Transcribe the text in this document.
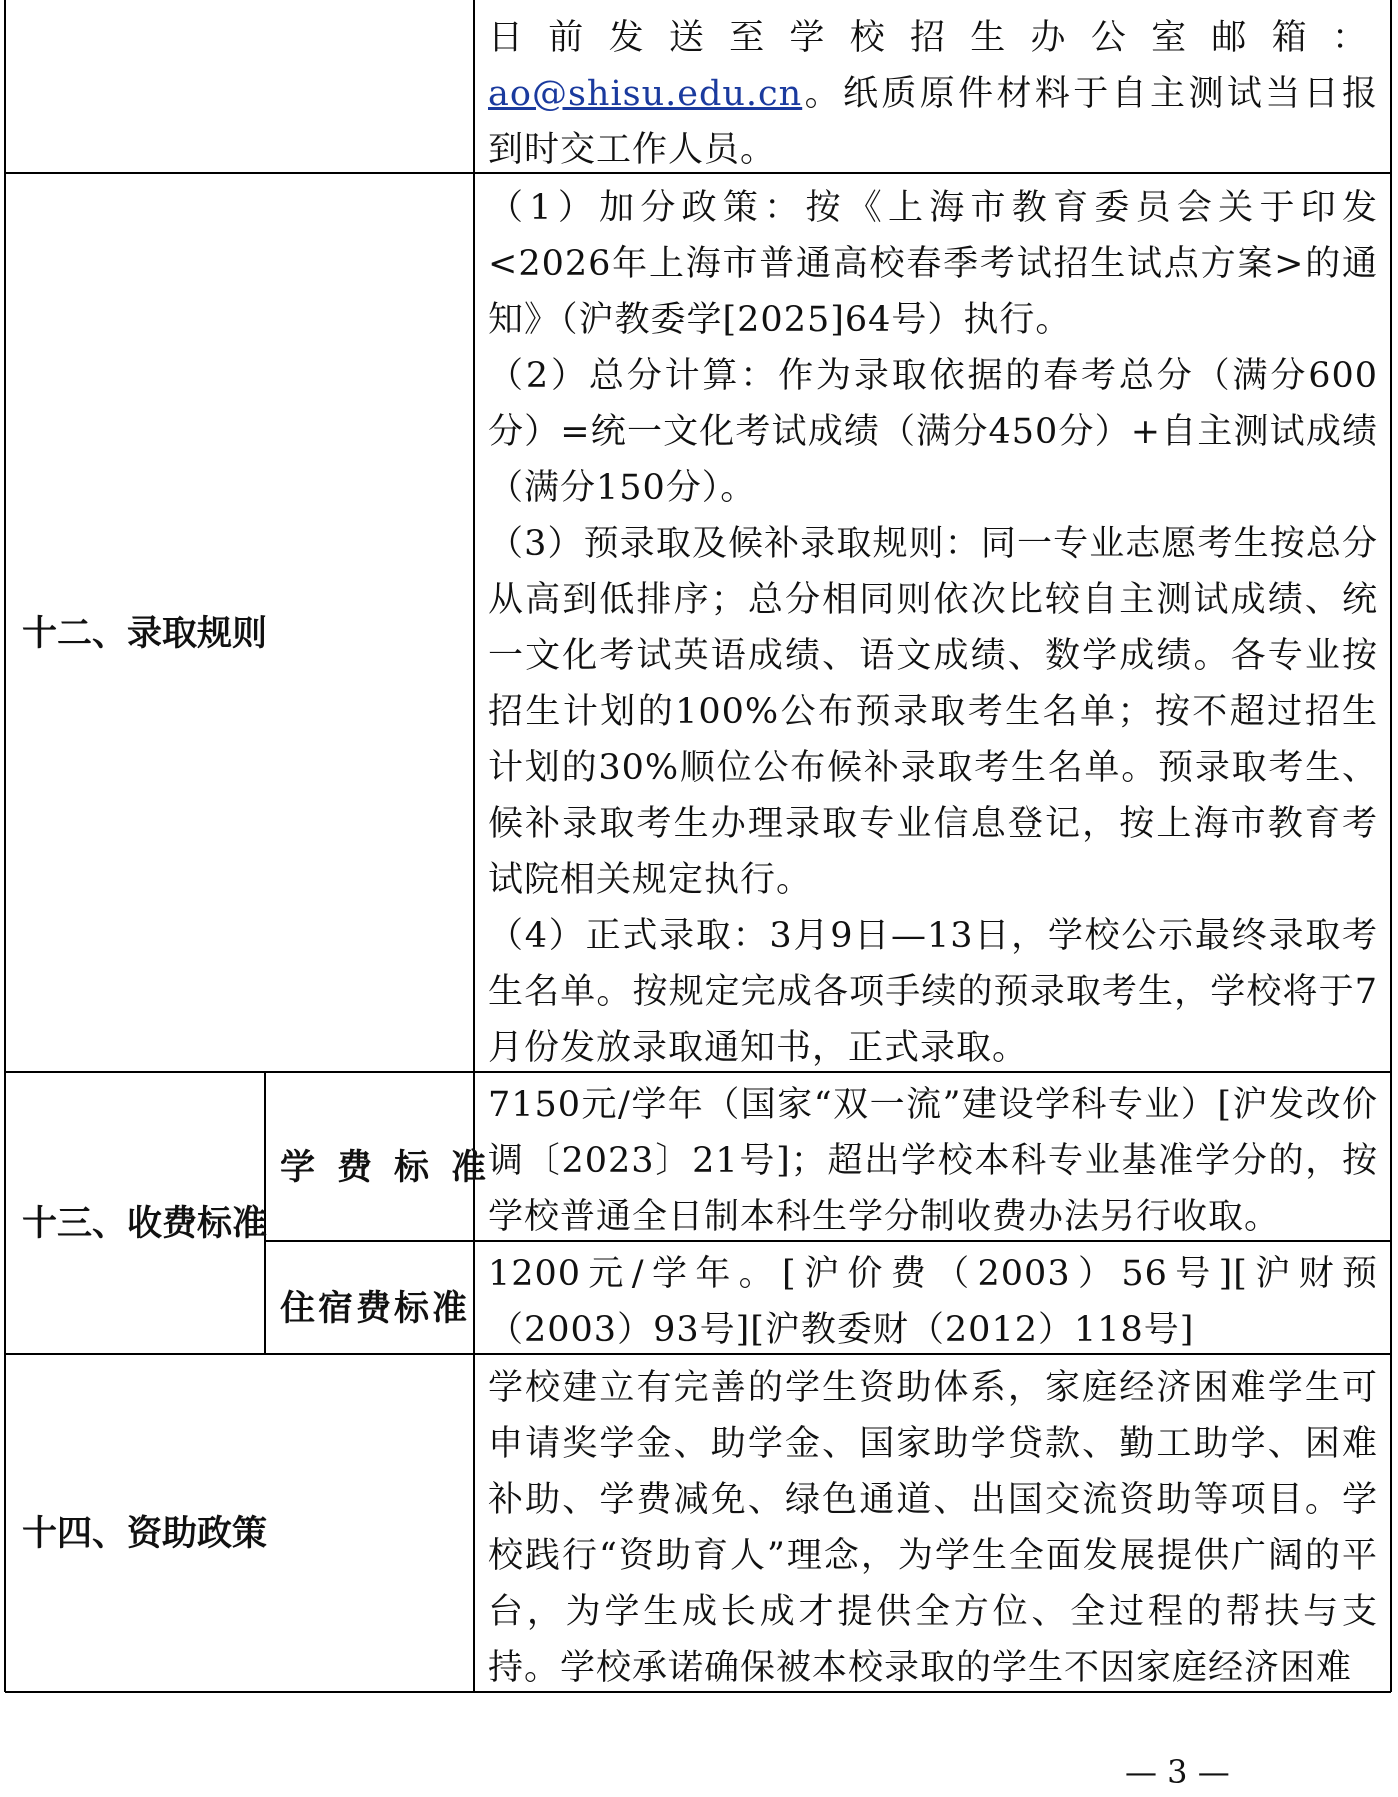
日前发送至学校招生办公室邮箱：ao@shisu.edu.cn。纸质原件材料于自主测试当日报到时交工作人员。
十二、录取规则
（1）加分政策：按《上海市教育委员会关于印发<2026年上海市普通高校春季考试招生试点方案>的通知》（沪教委学[2025]64号）执行。
（2）总分计算：作为录取依据的春考总分（满分600分）=统一文化考试成绩（满分450分）+自主测试成绩（满分150分）。
（3）预录取及候补录取规则：同一专业志愿考生按总分从高到低排序；总分相同则依次比较自主测试成绩、统一文化考试英语成绩、语文成绩、数学成绩。各专业按招生计划的100%公布预录取考生名单；按不超过招生计划的30%顺位公布候补录取考生名单。预录取考生、候补录取考生办理录取专业信息登记，按上海市教育考试院相关规定执行。
（4）正式录取：3月9日—13日，学校公示最终录取考生名单。按规定完成各项手续的预录取考生，学校将于7月份发放录取通知书，正式录取。
十三、收费标准
学费标准
7150元/学年（国家“双一流”建设学科专业）[沪发改价调〔2023〕21号]；超出学校本科专业基准学分的，按学校普通全日制本科生学分制收费办法另行收取。
住宿费标准
1200元/学年。[沪价费（2003）56号][沪财预（2003）93号][沪教委财（2012）118号]
十四、资助政策
学校建立有完善的学生资助体系，家庭经济困难学生可申请奖学金、助学金、国家助学贷款、勤工助学、困难补助、学费减免、绿色通道、出国交流资助等项目。学校践行“资助育人”理念，为学生全面发展提供广阔的平台，为学生成长成才提供全方位、全过程的帮扶与支持。学校承诺确保被本校录取的学生不因家庭经济困难
— 3 —
